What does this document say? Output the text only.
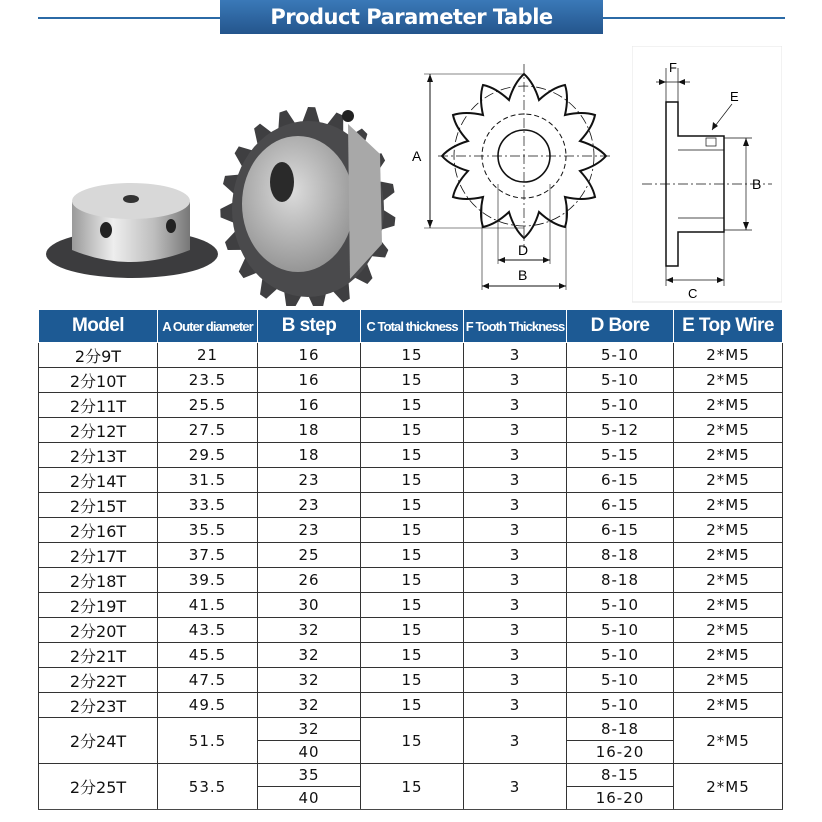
Product Parameter Table
A
D
B
F
E
B
C
Model	A Outer diameter	B step	C Total thickness	F Tooth Thickness	D Bore	E Top Wire
2分9T	21	16	15	3	5-10	2*M5
2分10T	23.5	16	15	3	5-10	2*M5
2分11T	25.5	16	15	3	5-10	2*M5
2分12T	27.5	18	15	3	5-12	2*M5
2分13T	29.5	18	15	3	5-15	2*M5
2分14T	31.5	23	15	3	6-15	2*M5
2分15T	33.5	23	15	3	6-15	2*M5
2分16T	35.5	23	15	3	6-15	2*M5
2分17T	37.5	25	15	3	8-18	2*M5
2分18T	39.5	26	15	3	8-18	2*M5
2分19T	41.5	30	15	3	5-10	2*M5
2分20T	43.5	32	15	3	5-10	2*M5
2分21T	45.5	32	15	3	5-10	2*M5
2分22T	47.5	32	15	3	5-10	2*M5
2分23T	49.5	32	15	3	5-10	2*M5
2分24T	51.5	32	15	3	8-18	2*M5
		40			16-20	
2分25T	53.5	35	15	3	8-15	2*M5
		40			16-20	
